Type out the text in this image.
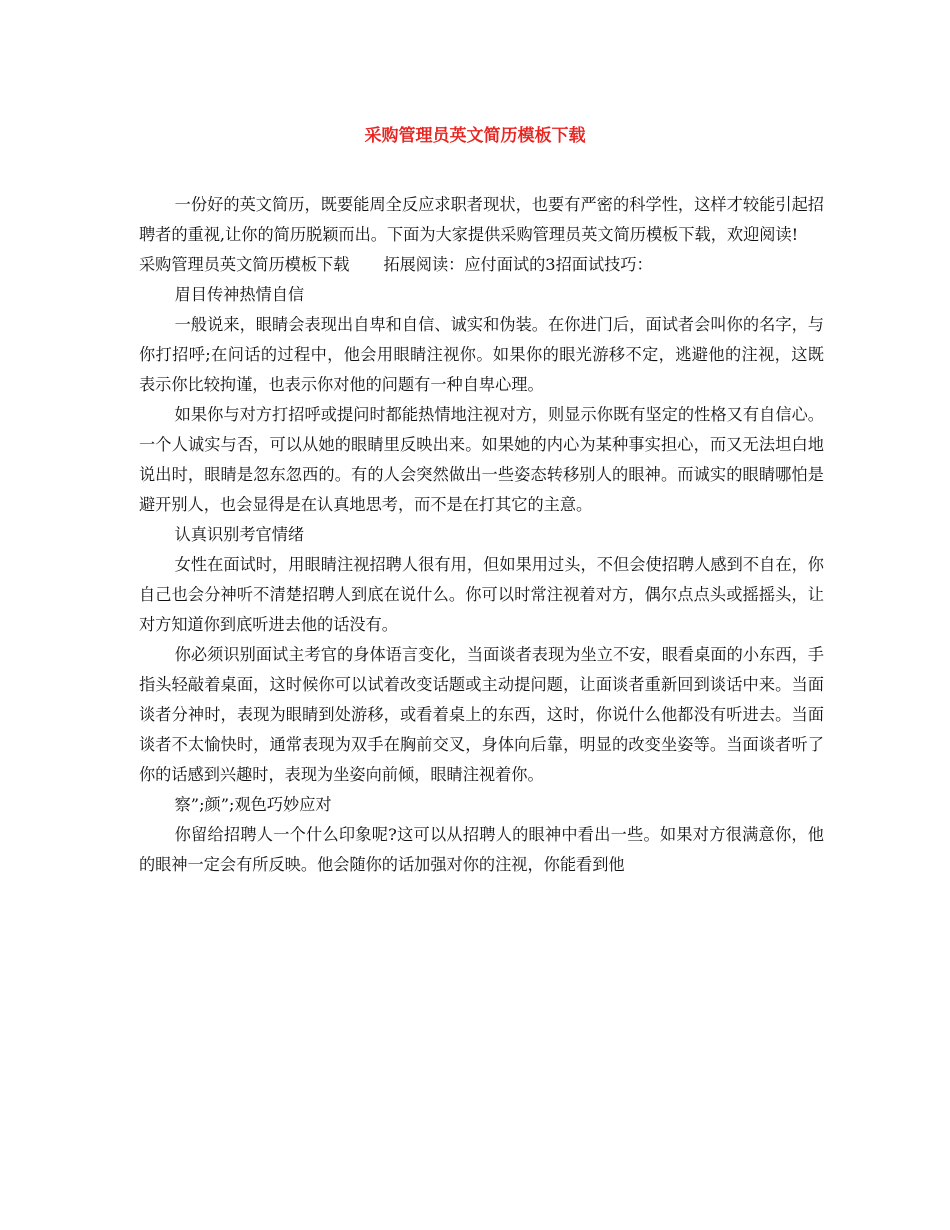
采购管理员英文简历模板下载

一份好的英文简历，既要能周全反应求职者现状，也要有严密的科学性，这样才较能引起招聘者的重视,让你的简历脱颖而出。下面为大家提供采购管理员英文简历模板下载，欢迎阅读!

采购管理员英文简历模板下载 拓展阅读：应付面试的3招面试技巧：

眉目传神热情自信

一般说来，眼睛会表现出自卑和自信、诚实和伪装。在你进门后，面试者会叫你的名字，与你打招呼;在问话的过程中，他会用眼睛注视你。如果你的眼光游移不定，逃避他的注视，这既表示你比较拘谨，也表示你对他的问题有一种自卑心理。

如果你与对方打招呼或提问时都能热情地注视对方，则显示你既有坚定的性格又有自信心。一个人诚实与否，可以从她的眼睛里反映出来。如果她的内心为某种事实担心，而又无法坦白地说出时，眼睛是忽东忽西的。有的人会突然做出一些姿态转移别人的眼神。而诚实的眼睛哪怕是避开别人，也会显得是在认真地思考，而不是在打其它的主意。

认真识别考官情绪

女性在面试时，用眼睛注视招聘人很有用，但如果用过头，不但会使招聘人感到不自在，你自己也会分神听不清楚招聘人到底在说什么。你可以时常注视着对方，偶尔点点头或摇摇头，让对方知道你到底听进去他的话没有。

你必须识别面试主考官的身体语言变化，当面谈者表现为坐立不安，眼看桌面的小东西，手指头轻敲着桌面，这时候你可以试着改变话题或主动提问题，让面谈者重新回到谈话中来。当面谈者分神时，表现为眼睛到处游移，或看着桌上的东西，这时，你说什么他都没有听进去。当面谈者不太愉快时，通常表现为双手在胸前交叉，身体向后靠，明显的改变坐姿等。当面谈者听了你的话感到兴趣时，表现为坐姿向前倾，眼睛注视着你。

察”;颜”;观色巧妙应对

你留给招聘人一个什么印象呢?这可以从招聘人的眼神中看出一些。如果对方很满意你，他的眼神一定会有所反映。他会随你的话加强对你的注视，你能看到他
